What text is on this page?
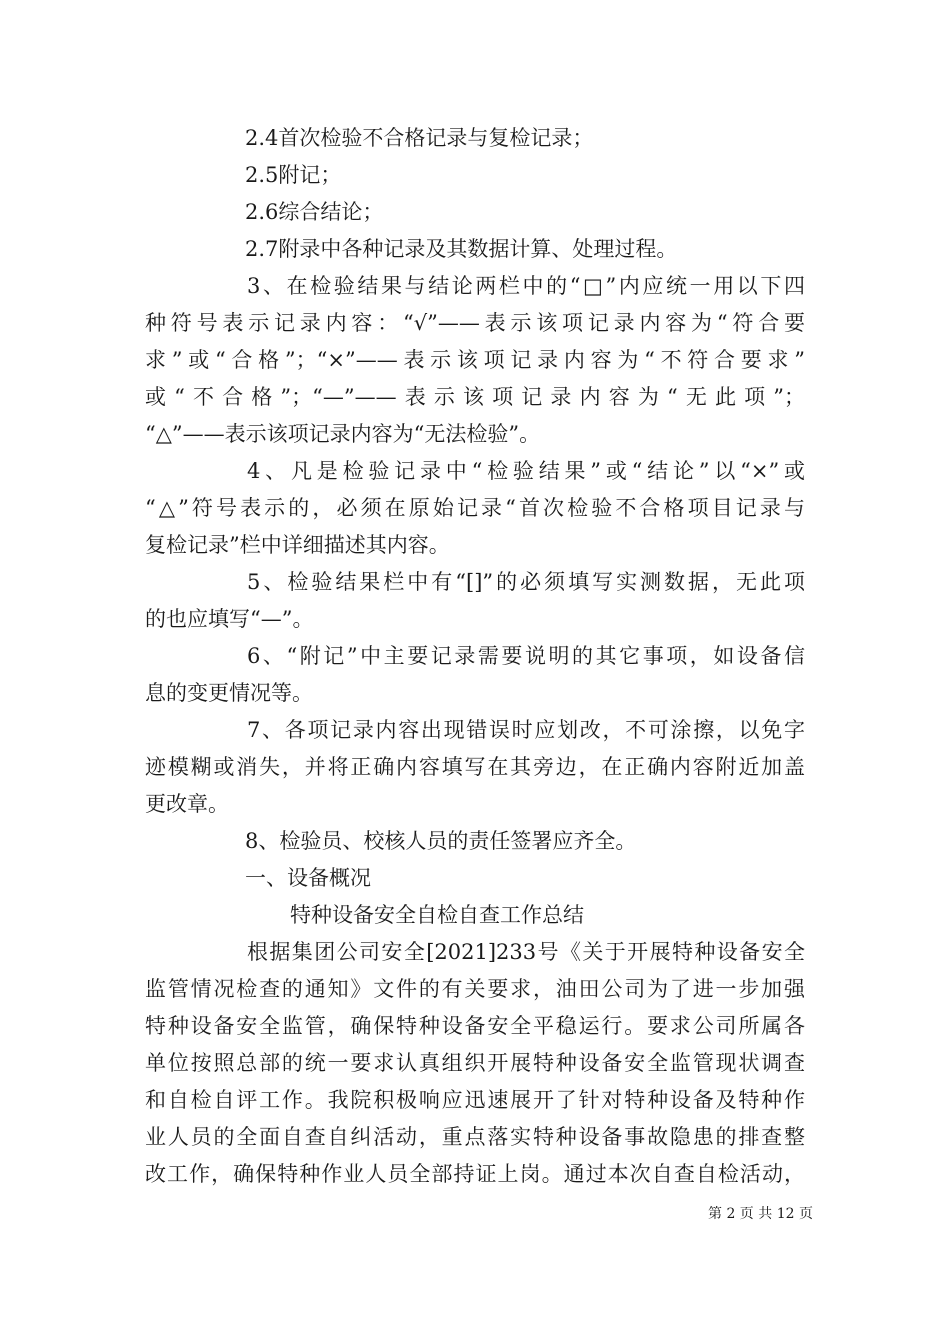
2.4首次检验不合格记录与复检记录；
2.5附记；
2.6综合结论；
2.7附录中各种记录及其数据计算、处理过程。
3、在检验结果与结论两栏中的“□”内应统一用以下四
种符号表示记录内容：“√”——表示该项记录内容为“符合要
求”或“合格”；“×”——表示该项记录内容为“不符合要求”
或“不合格”；“—”——表示该项记录内容为“无此项”；
“△”——表示该项记录内容为“无法检验”。
4、凡是检验记录中“检验结果”或“结论”以“×”或
“△”符号表示的，必须在原始记录“首次检验不合格项目记录与
复检记录”栏中详细描述其内容。
5、检验结果栏中有“[]”的必须填写实测数据，无此项
的也应填写“—”。
6、“附记”中主要记录需要说明的其它事项，如设备信
息的变更情况等。
7、各项记录内容出现错误时应划改，不可涂擦，以免字
迹模糊或消失，并将正确内容填写在其旁边，在正确内容附近加盖
更改章。
8、检验员、校核人员的责任签署应齐全。
一、设备概况
特种设备安全自检自查工作总结
根据集团公司安全[2021]233号《关于开展特种设备安全
监管情况检查的通知》文件的有关要求，油田公司为了进一步加强
特种设备安全监管，确保特种设备安全平稳运行。要求公司所属各
单位按照总部的统一要求认真组织开展特种设备安全监管现状调查
和自检自评工作。我院积极响应迅速展开了针对特种设备及特种作
业人员的全面自查自纠活动，重点落实特种设备事故隐患的排查整
改工作，确保特种作业人员全部持证上岗。通过本次自查自检活动，
第 2 页 共 12 页
